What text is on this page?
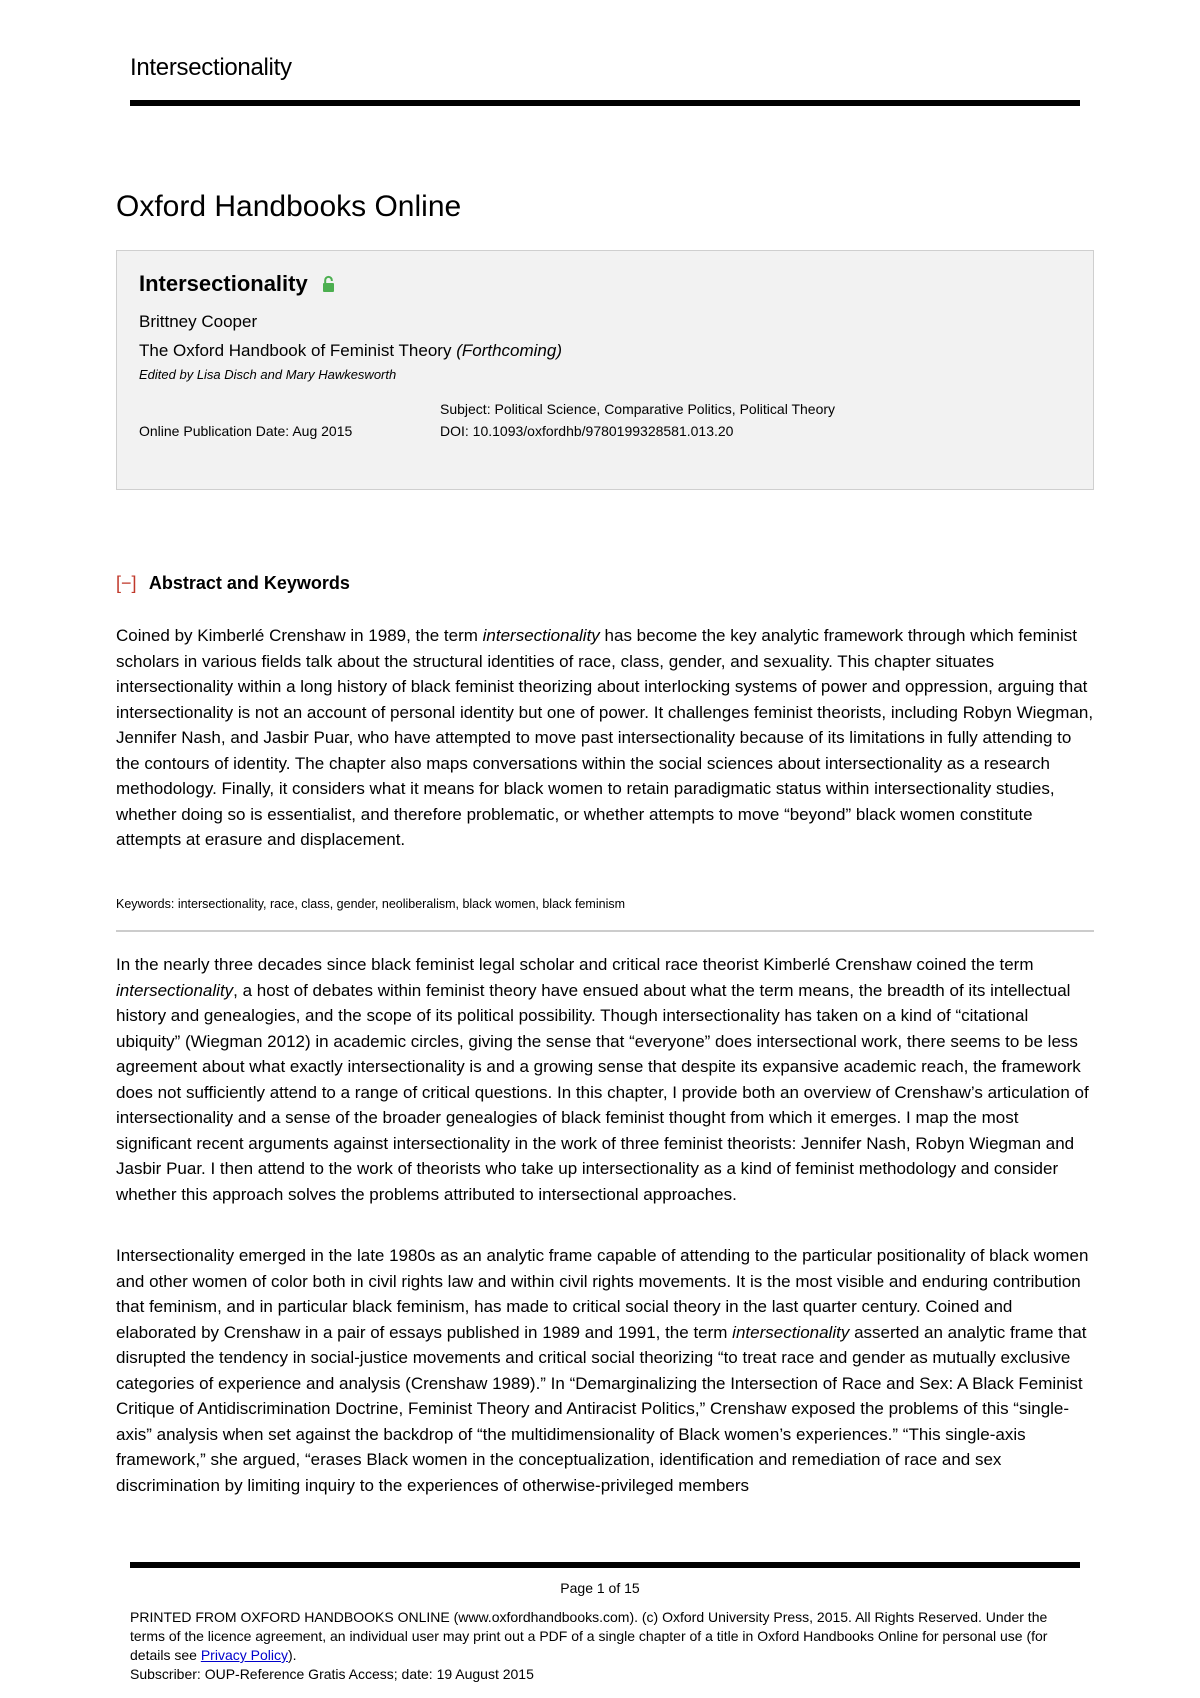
Intersectionality
Oxford Handbooks Online
Intersectionality
Brittney Cooper
The Oxford Handbook of Feminist Theory (Forthcoming)
Edited by Lisa Disch and Mary Hawkesworth
Online Publication Date: Aug 2015
Subject: Political Science, Comparative Politics, Political Theory
DOI: 10.1093/oxfordhb/9780199328581.013.20
[−] Abstract and Keywords

Coined by Kimberlé Crenshaw in 1989, the term intersectionality has become the key analytic framework through which feminist scholars in various fields talk about the structural identities of race, class, gender, and sexuality. This chapter situates intersectionality within a long history of black feminist theorizing about interlocking systems of power and oppression, arguing that intersectionality is not an account of personal identity but one of power. It challenges feminist theorists, including Robyn Wiegman, Jennifer Nash, and Jasbir Puar, who have attempted to move past intersectionality because of its limitations in fully attending to the contours of identity. The chapter also maps conversations within the social sciences about intersectionality as a research methodology. Finally, it considers what it means for black women to retain paradigmatic status within intersectionality studies, whether doing so is essentialist, and therefore problematic, or whether attempts to move “beyond” black women constitute attempts at erasure and displacement.

Keywords: intersectionality, race, class, gender, neoliberalism, black women, black feminism

In the nearly three decades since black feminist legal scholar and critical race theorist Kimberlé Crenshaw coined the term intersectionality, a host of debates within feminist theory have ensued about what the term means, the breadth of its intellectual history and genealogies, and the scope of its political possibility. Though intersectionality has taken on a kind of “citational ubiquity” (Wiegman 2012) in academic circles, giving the sense that “everyone” does intersectional work, there seems to be less agreement about what exactly intersectionality is and a growing sense that despite its expansive academic reach, the framework does not sufficiently attend to a range of critical questions. In this chapter, I provide both an overview of Crenshaw’s articulation of intersectionality and a sense of the broader genealogies of black feminist thought from which it emerges. I map the most significant recent arguments against intersectionality in the work of three feminist theorists: Jennifer Nash, Robyn Wiegman and Jasbir Puar. I then attend to the work of theorists who take up intersectionality as a kind of feminist methodology and consider whether this approach solves the problems attributed to intersectional approaches.

Intersectionality emerged in the late 1980s as an analytic frame capable of attending to the particular positionality of black women and other women of color both in civil rights law and within civil rights movements. It is the most visible and enduring contribution that feminism, and in particular black feminism, has made to critical social theory in the last quarter century. Coined and elaborated by Crenshaw in a pair of essays published in 1989 and 1991, the term intersectionality asserted an analytic frame that disrupted the tendency in social-justice movements and critical social theorizing “to treat race and gender as mutually exclusive categories of experience and analysis (Crenshaw 1989).” In “Demarginalizing the Intersection of Race and Sex: A Black Feminist Critique of Antidiscrimination Doctrine, Feminist Theory and Antiracist Politics,” Crenshaw exposed the problems of this “single-axis” analysis when set against the backdrop of “the multidimensionality of Black women’s experiences.” “This single-axis framework,” she argued, “erases Black women in the conceptualization, identification and remediation of race and sex discrimination by limiting inquiry to the experiences of otherwise-privileged members

Page 1 of 15
PRINTED FROM OXFORD HANDBOOKS ONLINE (www.oxfordhandbooks.com). (c) Oxford University Press, 2015. All Rights Reserved. Under the terms of the licence agreement, an individual user may print out a PDF of a single chapter of a title in Oxford Handbooks Online for personal use (for details see Privacy Policy).
Subscriber: OUP-Reference Gratis Access; date: 19 August 2015
